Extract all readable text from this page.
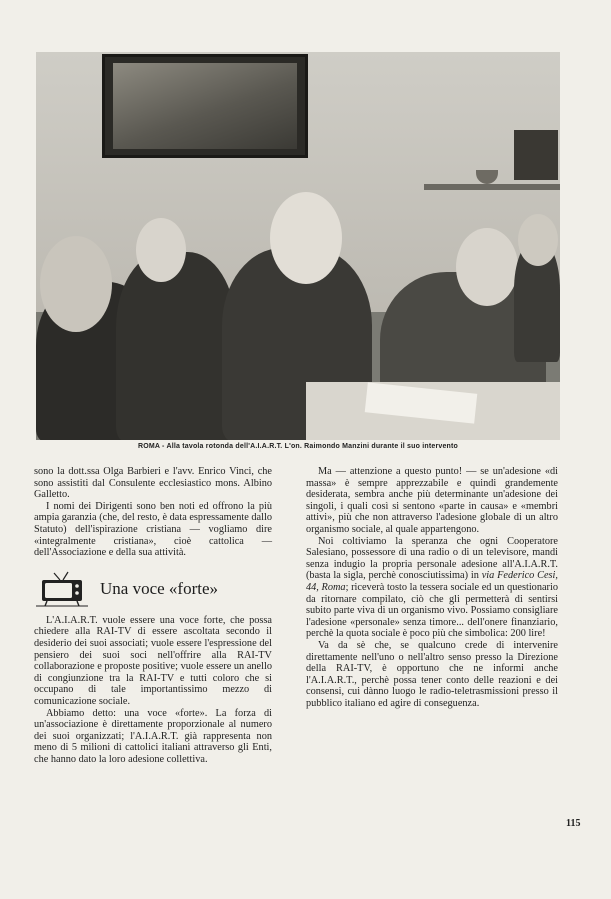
ROMA - Alla tavola rotonda dell'A.I.A.R.T. L'on. Raimondo Manzini durante il suo intervento

sono la dott.ssa Olga Barbieri e l'avv. Enrico Vinci, che sono assistiti dal Consulente ecclesiastico mons. Albino Galletto.

I nomi dei Dirigenti sono ben noti ed offrono la più ampia garanzia (che, del resto, è data espressamente dallo Statuto) dell'ispirazione cristiana — vogliamo dire «integralmente cristiana», cioè cattolica — dell'Associazione e della sua attività.

Una voce «forte»

L'A.I.A.R.T. vuole essere una voce forte, che possa chiedere alla RAI-TV di essere ascoltata secondo il desiderio dei suoi associati; vuole essere l'espressione del pensiero dei suoi soci nell'offrire alla RAI-TV collaborazione e proposte positive; vuole essere un anello di congiunzione tra la RAI-TV e tutti coloro che si occupano di tale importantissimo mezzo di comunicazione sociale.

Abbiamo detto: una voce «forte». La forza di un'associazione è direttamente proporzionale al numero dei suoi organizzati; l'A.I.A.R.T. già rappresenta non meno di 5 milioni di cattolici italiani attraverso gli Enti, che hanno dato la loro adesione collettiva.

Ma — attenzione a questo punto! — se un'adesione «di massa» è sempre apprezzabile e quindi grandemente desiderata, sembra anche più determinante un'adesione dei singoli, i quali così si sentono «parte in causa» e «membri attivi», più che non attraverso l'adesione globale di un altro organismo sociale, al quale appartengono.

Noi coltiviamo la speranza che ogni Cooperatore Salesiano, possessore di una radio o di un televisore, mandi senza indugio la propria personale adesione all'A.I.A.R.T. (basta la sigla, perchè conosciutissima) in via Federico Cesi, 44, Roma; riceverà tosto la tessera sociale ed un questionario da ritornare compilato, ciò che gli permetterà di sentirsi subito parte viva di un organismo vivo. Possiamo consigliare l'adesione «personale» senza timore... dell'onere finanziario, perchè la quota sociale è poco più che simbolica: 200 lire!

Va da sè che, se qualcuno crede di intervenire direttamente nell'uno o nell'altro senso presso la Direzione della RAI-TV, è opportuno che ne informi anche l'A.I.A.R.T., perchè possa tener conto delle reazioni e dei consensi, cui dànno luogo le radio-teletrasmissioni presso il pubblico italiano ed agire di conseguenza.

115
